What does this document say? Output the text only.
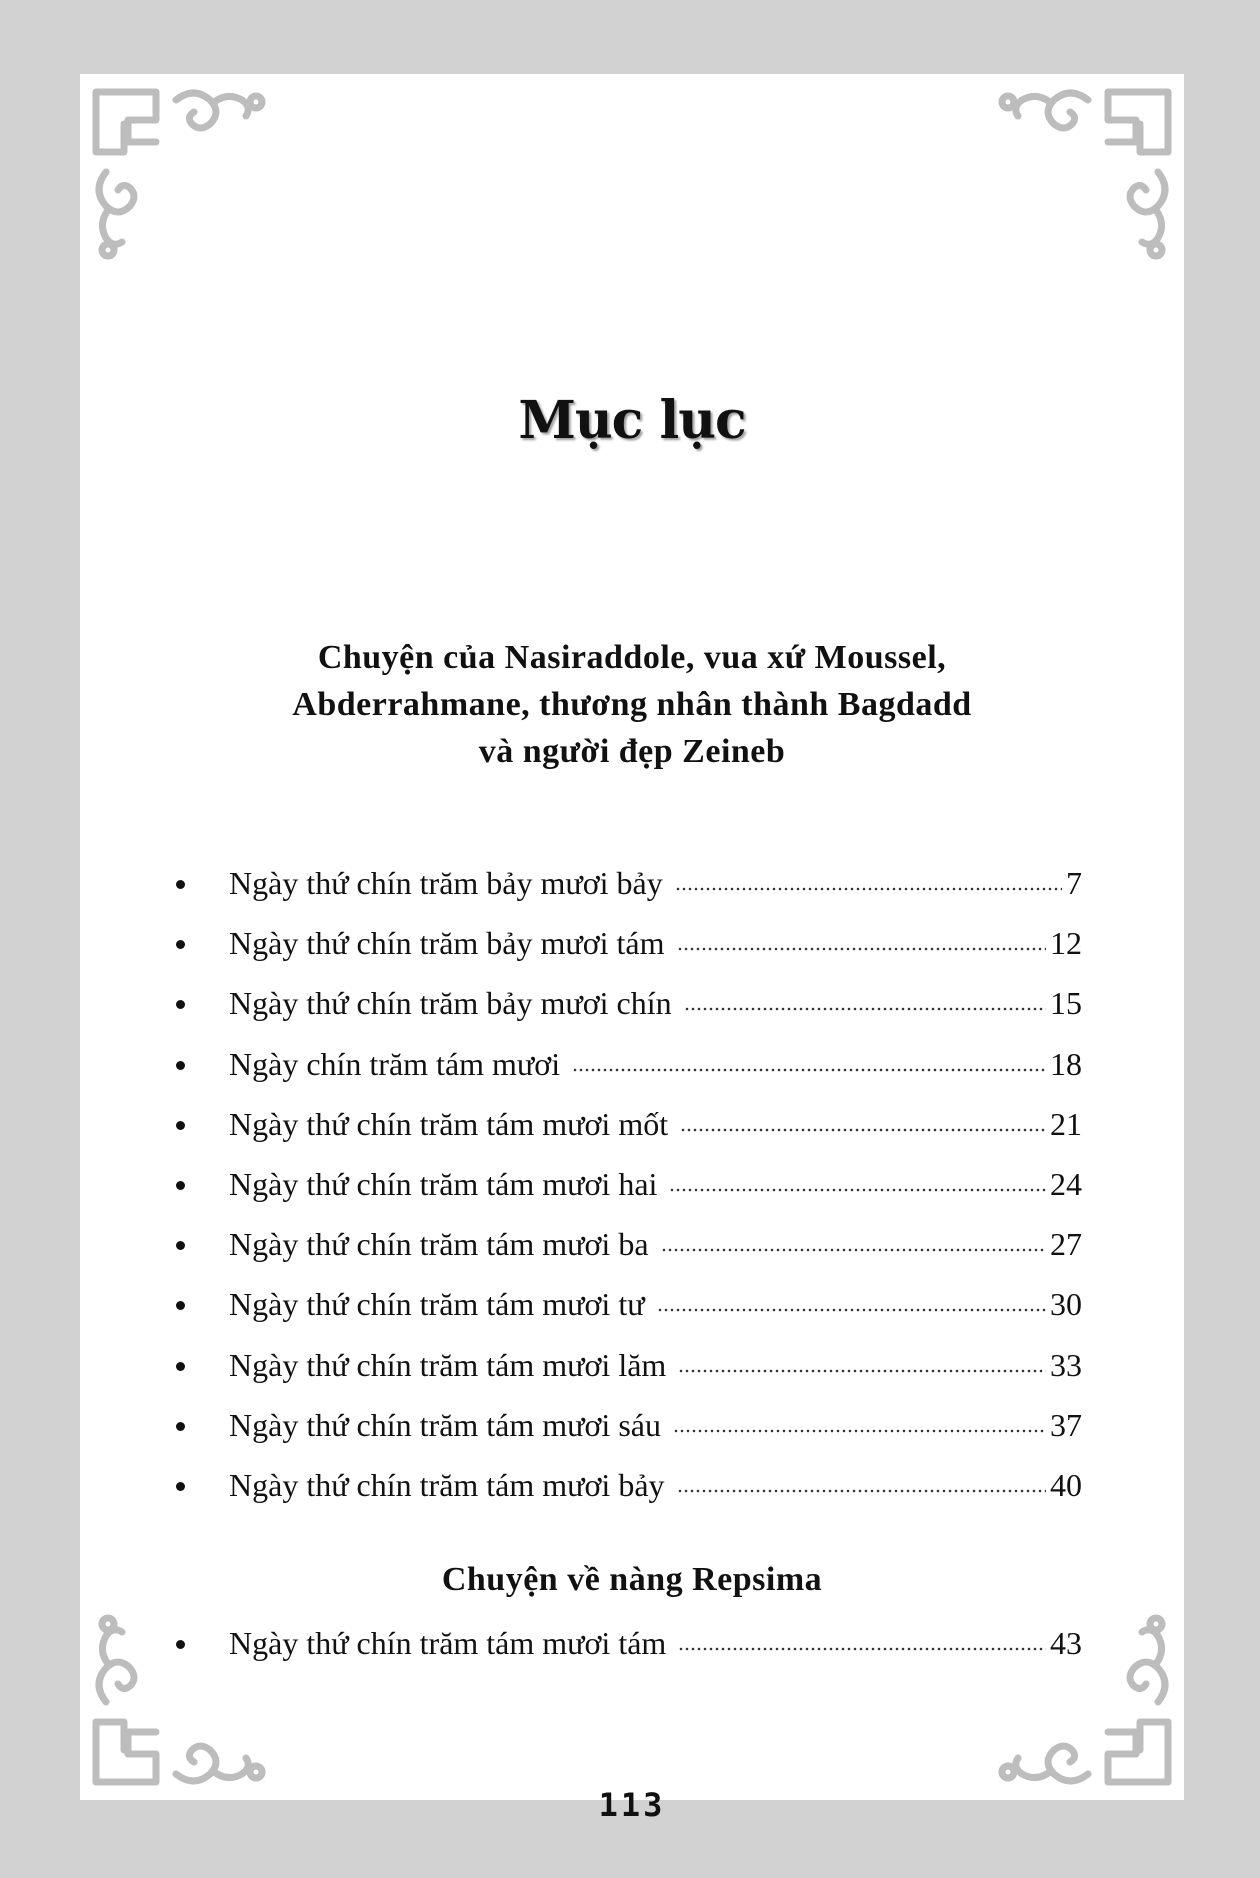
Mục lục
Chuyện của Nasiraddole, vua xứ Moussel,
Abderrahmane, thương nhân thành Bagdadd
và người đẹp Zeineb
Ngày thứ chín trăm bảy mươi bảy	7
Ngày thứ chín trăm bảy mươi tám	12
Ngày thứ chín trăm bảy mươi chín	15
Ngày chín trăm tám mươi	18
Ngày thứ chín trăm tám mươi mốt	21
Ngày thứ chín trăm tám mươi hai	24
Ngày thứ chín trăm tám mươi ba	27
Ngày thứ chín trăm tám mươi tư	30
Ngày thứ chín trăm tám mươi lăm	33
Ngày thứ chín trăm tám mươi sáu	37
Ngày thứ chín trăm tám mươi bảy	40
Chuyện về nàng Repsima
Ngày thứ chín trăm tám mươi tám	43
113
